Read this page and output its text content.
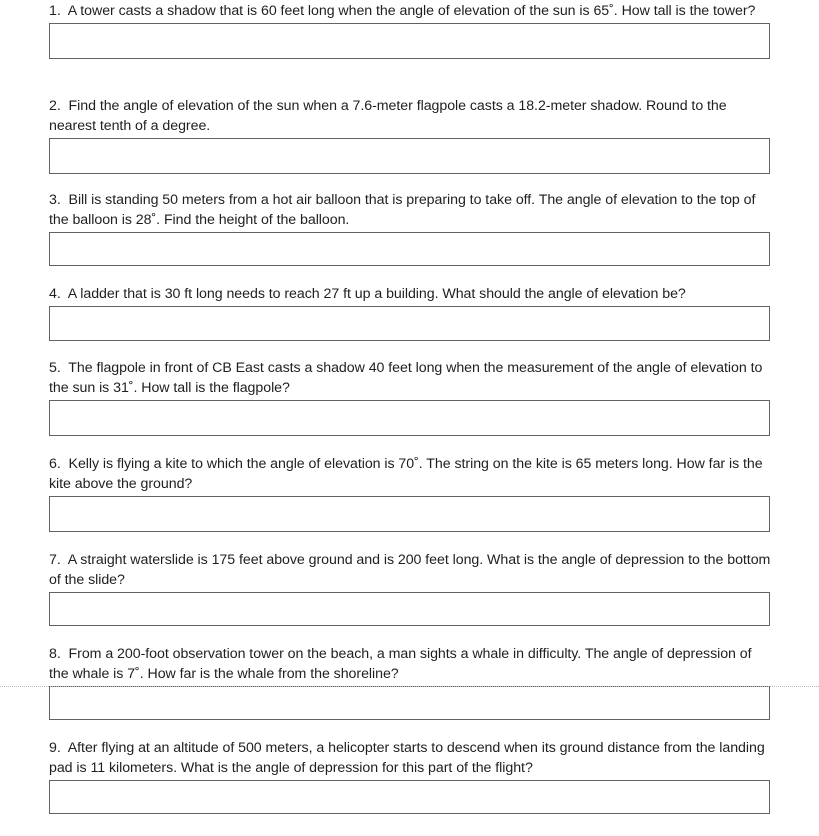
1. A tower casts a shadow that is 60 feet long when the angle of elevation of the sun is 65˚. How tall is the tower?

2. Find the angle of elevation of the sun when a 7.6-meter flagpole casts a 18.2-meter shadow. Round to the nearest tenth of a degree.

3. Bill is standing 50 meters from a hot air balloon that is preparing to take off. The angle of elevation to the top of the balloon is 28˚. Find the height of the balloon.

4. A ladder that is 30 ft long needs to reach 27 ft up a building. What should the angle of elevation be?

5. The flagpole in front of CB East casts a shadow 40 feet long when the measurement of the angle of elevation to the sun is 31˚. How tall is the flagpole?

6. Kelly is flying a kite to which the angle of elevation is 70˚. The string on the kite is 65 meters long. How far is the kite above the ground?

7. A straight waterslide is 175 feet above ground and is 200 feet long. What is the angle of depression to the bottom of the slide?

8. From a 200-foot observation tower on the beach, a man sights a whale in difficulty. The angle of depression of the whale is 7˚. How far is the whale from the shoreline?

9. After flying at an altitude of 500 meters, a helicopter starts to descend when its ground distance from the landing pad is 11 kilometers. What is the angle of depression for this part of the flight?
